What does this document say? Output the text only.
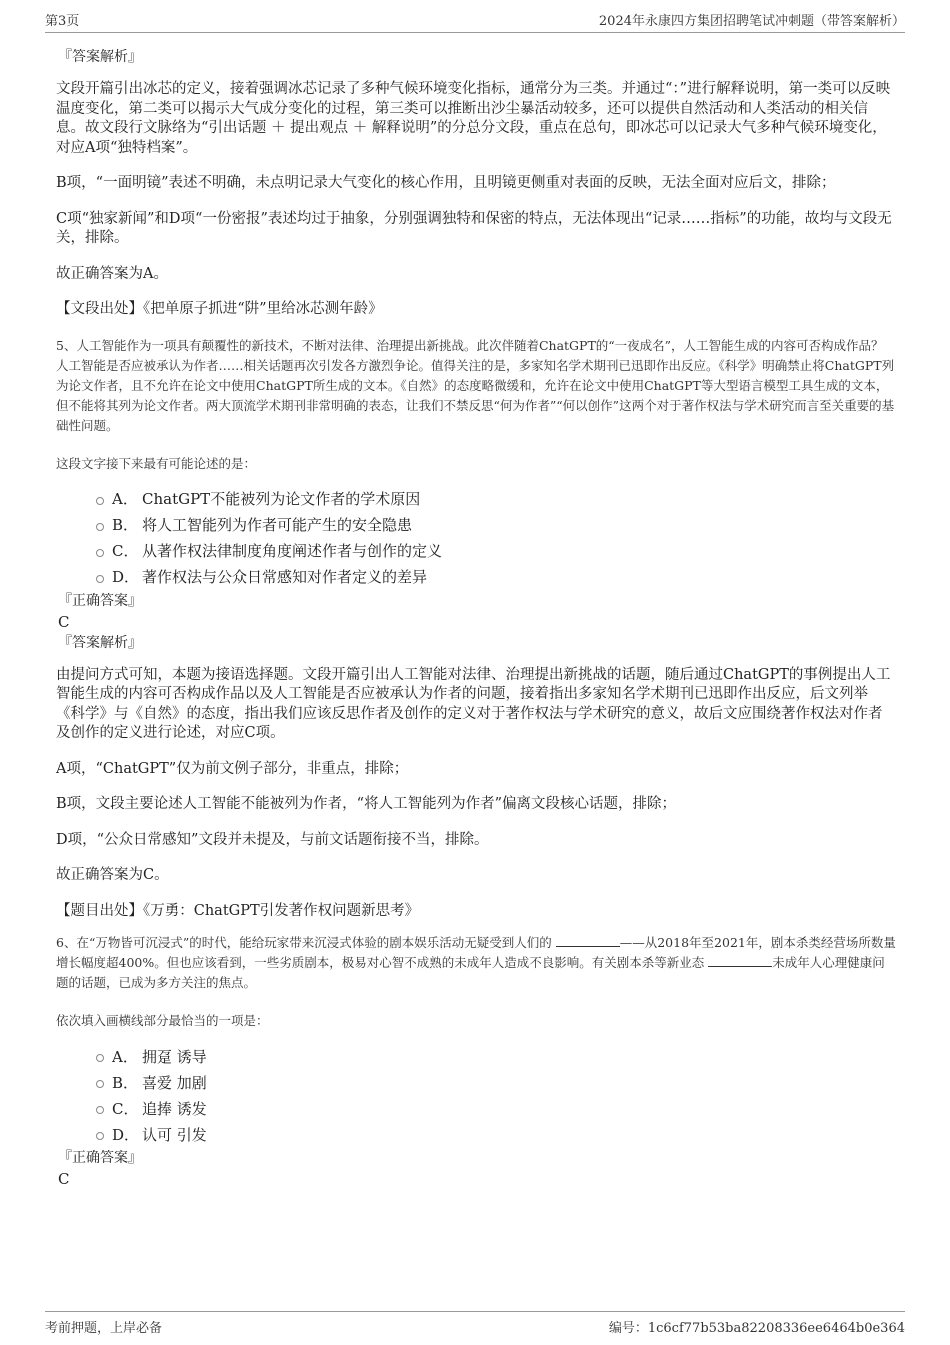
第3页	2024年永康四方集团招聘笔试冲刺题（带答案解析）
『答案解析』

文段开篇引出冰芯的定义，接着强调冰芯记录了多种气候环境变化指标，通常分为三类。并通过“：”进行解释说明，第一类可以反映温度变化，第二类可以揭示大气成分变化的过程，第三类可以推断出沙尘暴活动较多，还可以提供自然活动和人类活动的相关信息。故文段行文脉络为“引出话题 ＋ 提出观点 ＋ 解释说明”的分总分文段，重点在总句，即冰芯可以记录大气多种气候环境变化，对应A项“独特档案”。

B项，“一面明镜”表述不明确，未点明记录大气变化的核心作用，且明镜更侧重对表面的反映，无法全面对应后文，排除；

C项“独家新闻”和D项“一份密报”表述均过于抽象，分别强调独特和保密的特点，无法体现出“记录……指标”的功能，故均与文段无关，排除。

故正确答案为A。

【文段出处】《把单原子抓进“阱”里给冰芯测年龄》

5、人工智能作为一项具有颠覆性的新技术，不断对法律、治理提出新挑战。此次伴随着ChatGPT的“一夜成名”，人工智能生成的内容可否构成作品？人工智能是否应被承认为作者……相关话题再次引发各方激烈争论。值得关注的是，多家知名学术期刊已迅即作出反应。《科学》明确禁止将ChatGPT列为论文作者，且不允许在论文中使用ChatGPT所生成的文本。《自然》的态度略微缓和，允许在论文中使用ChatGPT等大型语言模型工具生成的文本，但不能将其列为论文作者。两大顶流学术期刊非常明确的表态，让我们不禁反思“何为作者”“何以创作”这两个对于著作权法与学术研究而言至关重要的基础性问题。

这段文字接下来最有可能论述的是：

A． ChatGPT不能被列为论文作者的学术原因
B． 将人工智能列为作者可能产生的安全隐患
C． 从著作权法律制度角度阐述作者与创作的定义
D． 著作权法与公众日常感知对作者定义的差异
『正确答案』
C
『答案解析』

由提问方式可知，本题为接语选择题。文段开篇引出人工智能对法律、治理提出新挑战的话题，随后通过ChatGPT的事例提出人工智能生成的内容可否构成作品以及人工智能是否应被承认为作者的问题，接着指出多家知名学术期刊已迅即作出反应，后文列举《科学》与《自然》的态度，指出我们应该反思作者及创作的定义对于著作权法与学术研究的意义，故后文应围绕著作权法对作者及创作的定义进行论述，对应C项。

A项，“ChatGPT”仅为前文例子部分，非重点，排除；

B项，文段主要论述人工智能不能被列为作者，“将人工智能列为作者”偏离文段核心话题，排除；

D项，“公众日常感知”文段并未提及，与前文话题衔接不当，排除。

故正确答案为C。

【题目出处】《万勇：ChatGPT引发著作权问题新思考》

6、在“万物皆可沉浸式”的时代，能给玩家带来沉浸式体验的剧本娱乐活动无疑受到人们的	——从2018年至2021年，剧本杀类经营场所数量增长幅度超400%。但也应该看到，一些劣质剧本，极易对心智不成熟的未成年人造成不良影响。有关剧本杀等新业态	未成年人心理健康问题的话题，已成为多方关注的焦点。

依次填入画横线部分最恰当的一项是：

A． 拥趸 诱导
B． 喜爱 加剧
C． 追捧 诱发
D． 认可 引发
『正确答案』
C
考前押题，上岸必备	编号：1c6cf77b53ba82208336ee6464b0e364
